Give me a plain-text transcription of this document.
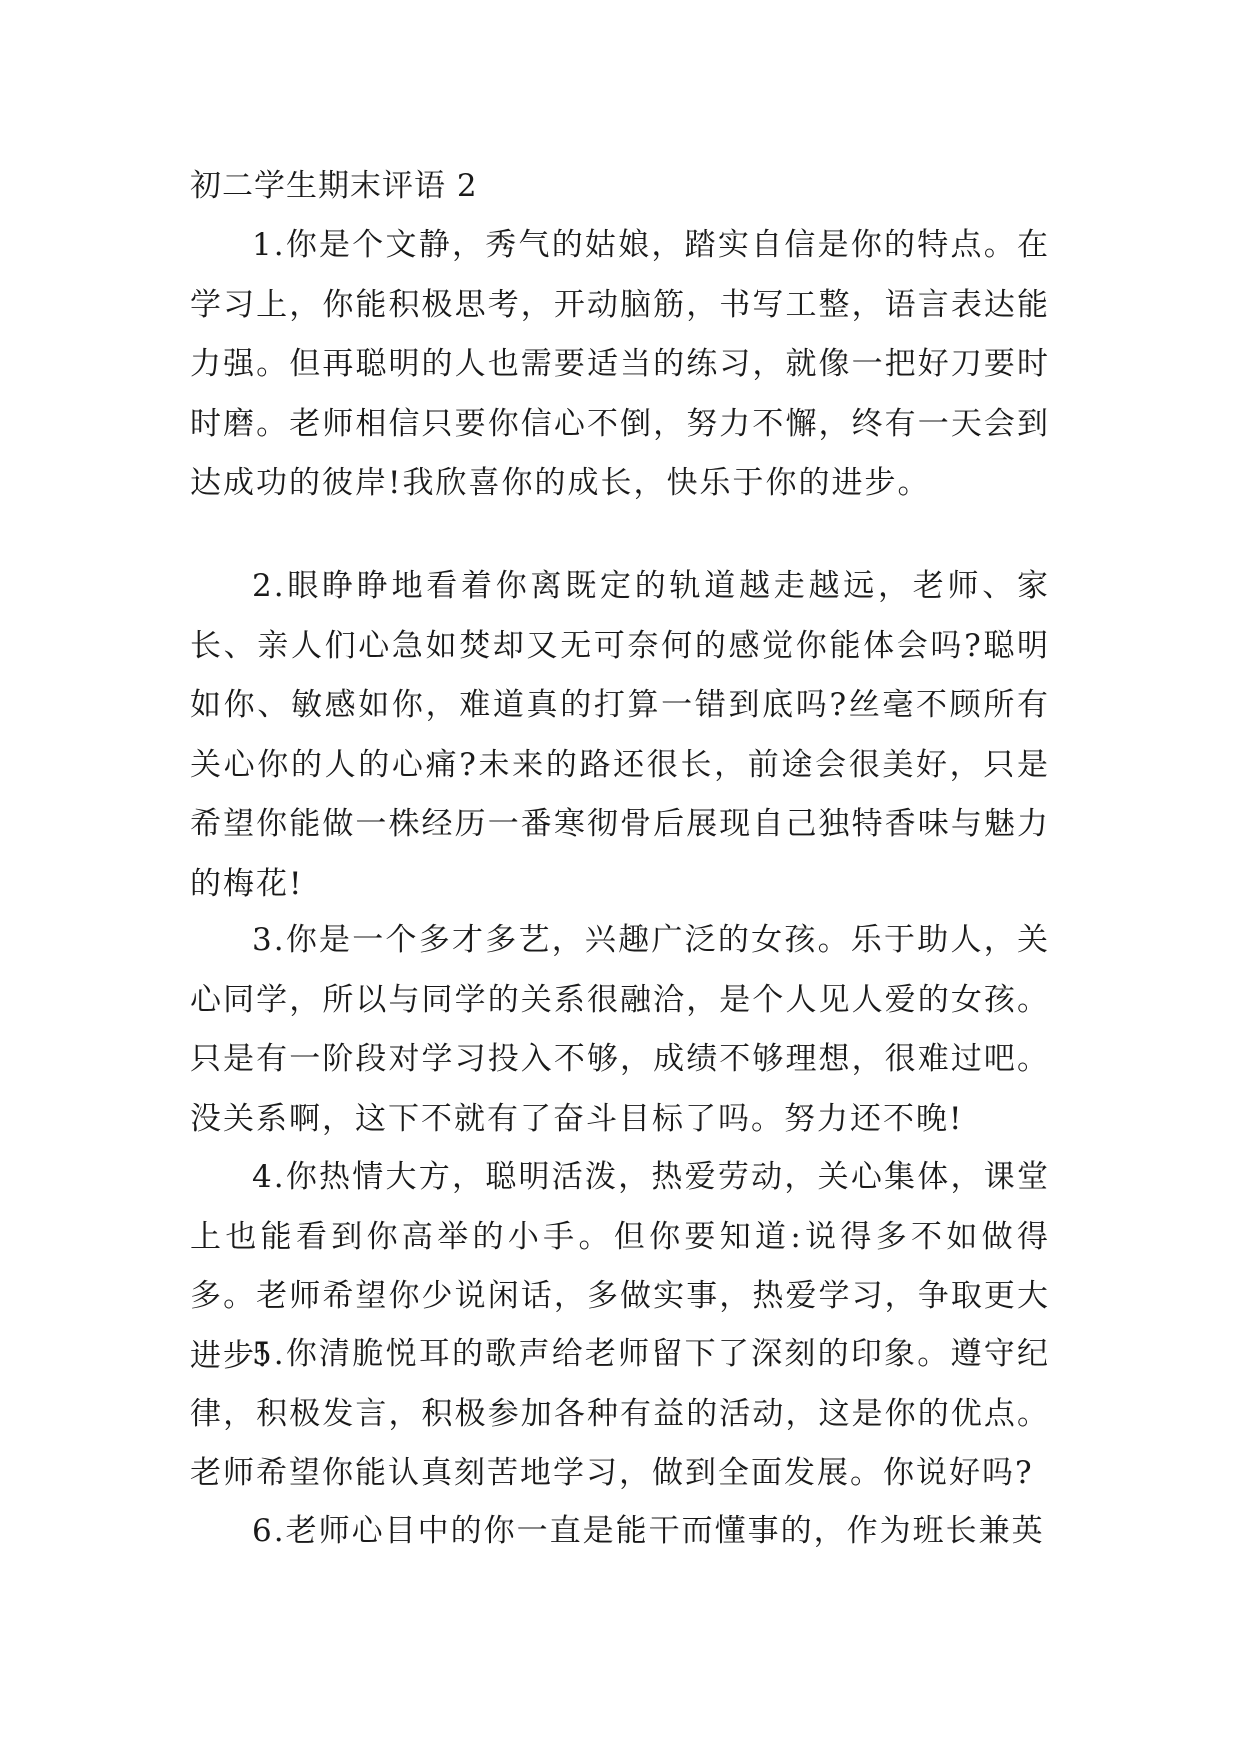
初二学生期末评语 2

1.你是个文静，秀气的姑娘，踏实自信是你的特点。在学习上，你能积极思考，开动脑筋，书写工整，语言表达能力强。但再聪明的人也需要适当的练习，就像一把好刀要时时磨。老师相信只要你信心不倒，努力不懈，终有一天会到达成功的彼岸!我欣喜你的成长，快乐于你的进步。

2.眼睁睁地看着你离既定的轨道越走越远，老师、家长、亲人们心急如焚却又无可奈何的感觉你能体会吗?聪明如你、敏感如你，难道真的打算一错到底吗?丝毫不顾所有关心你的人的心痛?未来的路还很长，前途会很美好，只是希望你能做一株经历一番寒彻骨后展现自己独特香味与魅力的梅花!

3.你是一个多才多艺，兴趣广泛的女孩。乐于助人，关心同学，所以与同学的关系很融洽，是个人见人爱的女孩。只是有一阶段对学习投入不够，成绩不够理想，很难过吧。没关系啊，这下不就有了奋斗目标了吗。努力还不晚!

4.你热情大方，聪明活泼，热爱劳动，关心集体，课堂上也能看到你高举的小手。但你要知道:说得多不如做得多。老师希望你少说闲话，多做实事，热爱学习，争取更大进步!

5.你清脆悦耳的歌声给老师留下了深刻的印象。遵守纪律，积极发言，积极参加各种有益的活动，这是你的优点。老师希望你能认真刻苦地学习，做到全面发展。你说好吗?

6.老师心目中的你一直是能干而懂事的，作为班长兼英
